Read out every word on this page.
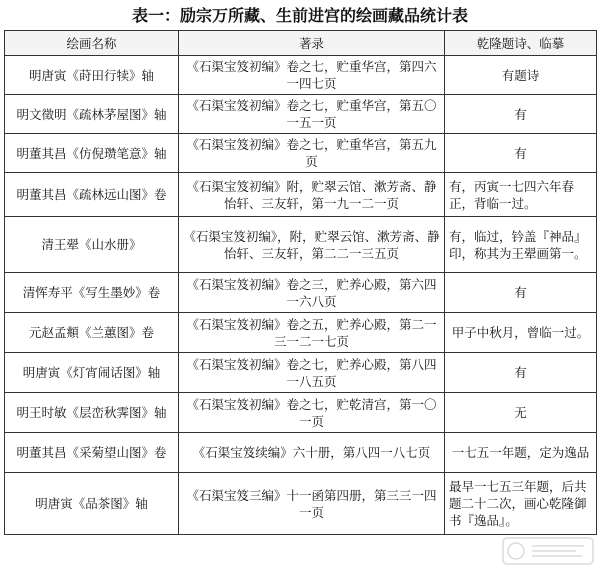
表一：励宗万所藏、生前进宫的绘画藏品统计表
绘画名称	著录	乾隆题诗、临摹
明唐寅《莳田行犊》轴	《石渠宝笈初编》卷之七，贮重华宫，第四六一四七页	有题诗
明文徵明《疏林茅屋图》轴	《石渠宝笈初编》卷之七，贮重华宫，第五〇一五一页	有
明董其昌《仿倪瓒笔意》轴	《石渠宝笈初编》卷之七，贮重华宫，第五九页	有
明董其昌《疏林远山图》卷	《石渠宝笈初编》附，贮翠云馆、漱芳斋、静怡轩、三友轩，第一九一二一页	有，丙寅一七四六年春正，背临一过。
清王翚《山水册》	《石渠宝笈初编》，附，贮翠云馆、漱芳斋、静怡轩、三友轩，第二二一三五页	有，临过，钤盖『神品』印，称其为王翚画第一。
清恽寿平《写生墨妙》卷	《石渠宝笈初编》卷之三，贮养心殿，第六四一六八页	有
元赵孟頫《兰蕙图》卷	《石渠宝笈初编》卷之五，贮养心殿，第二一三一二一七页	甲子中秋月，曾临一过。
明唐寅《灯宵闹话图》轴	《石渠宝笈初编》卷之七，贮养心殿，第八四一八五页	有
明王时敏《层峦秋霁图》轴	《石渠宝笈初编》卷之七，贮乾清宫，第一〇一页	无
明董其昌《采菊望山图》卷	《石渠宝笈续编》六十册，第八四一八七页	一七五一年题，定为逸品
明唐寅《品茶图》轴	《石渠宝笈三编》十一函第四册，第三三一四一页	最早一七五三年题，后共题二十二次，画心乾隆御书『逸品』。
